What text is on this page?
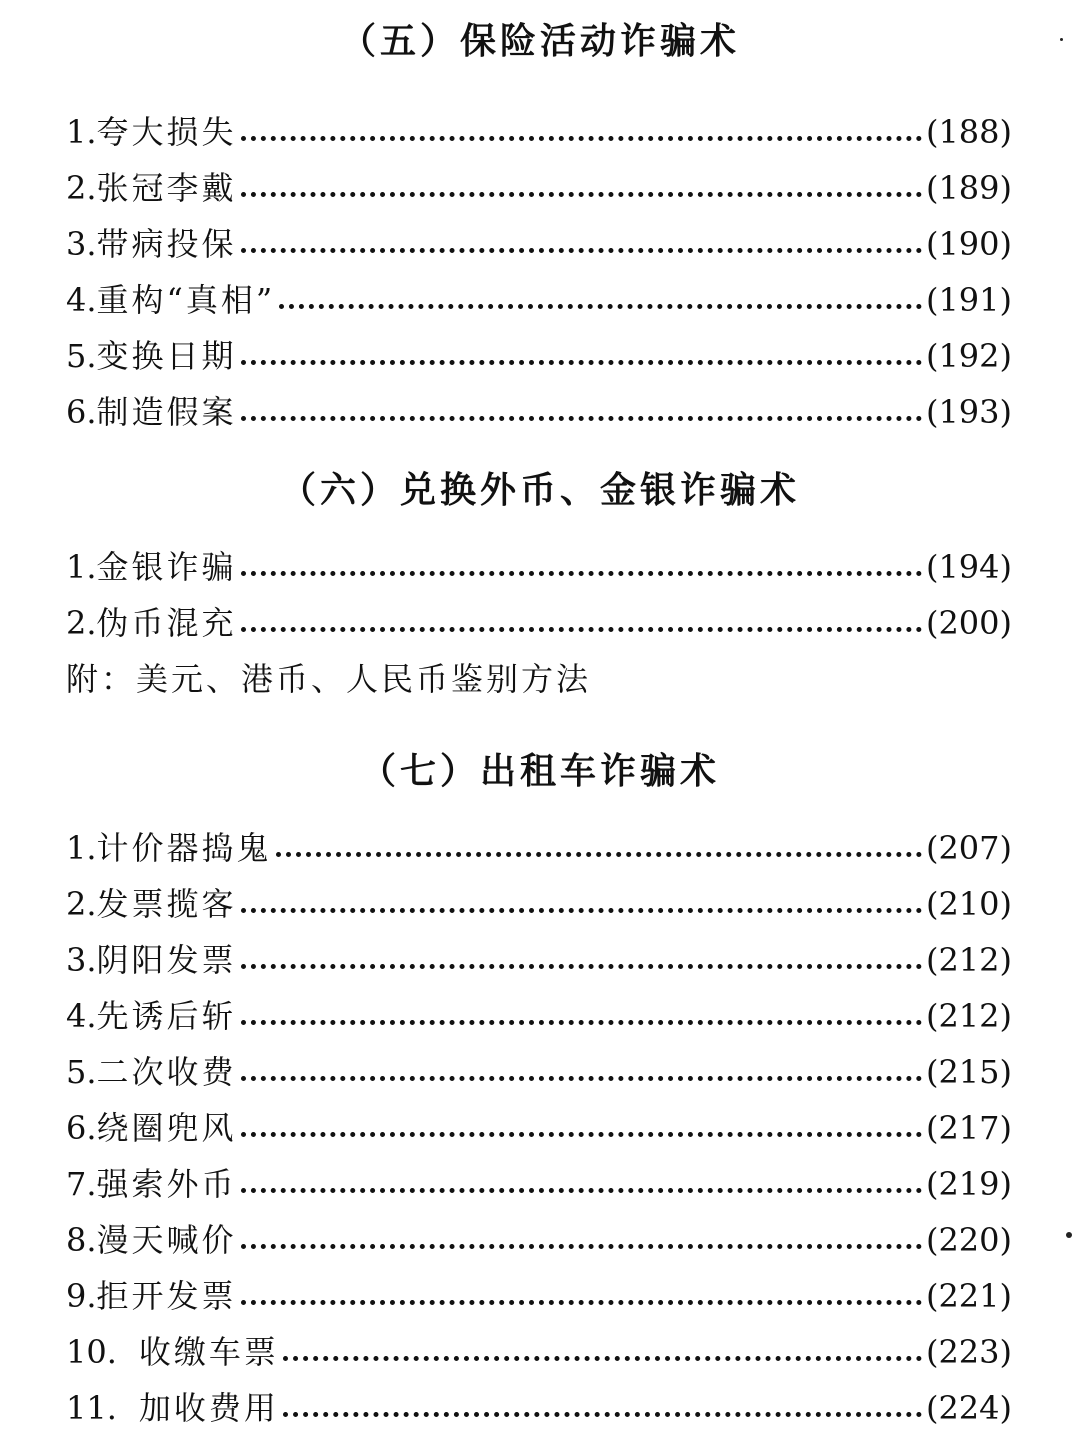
（五）保险活动诈骗术
1. 夸大损失	(188)
2. 张冠李戴	(189)
3. 带病投保	(190)
4. 重构“真相”	(191)
5. 变换日期	(192)
6. 制造假案	(193)
（六）兑换外币、金银诈骗术
1. 金银诈骗	(194)
2. 伪币混充	(200)
附：美元、港币、人民币鉴别方法
（七）出租车诈骗术
1. 计价器捣鬼	(207)
2. 发票揽客	(210)
3. 阴阳发票	(212)
4. 先诱后斩	(212)
5. 二次收费	(215)
6. 绕圈兜风	(217)
7. 强索外币	(219)
8. 漫天喊价	(220)
9. 拒开发票	(221)
10. 收缴车票	(223)
11. 加收费用	(224)
